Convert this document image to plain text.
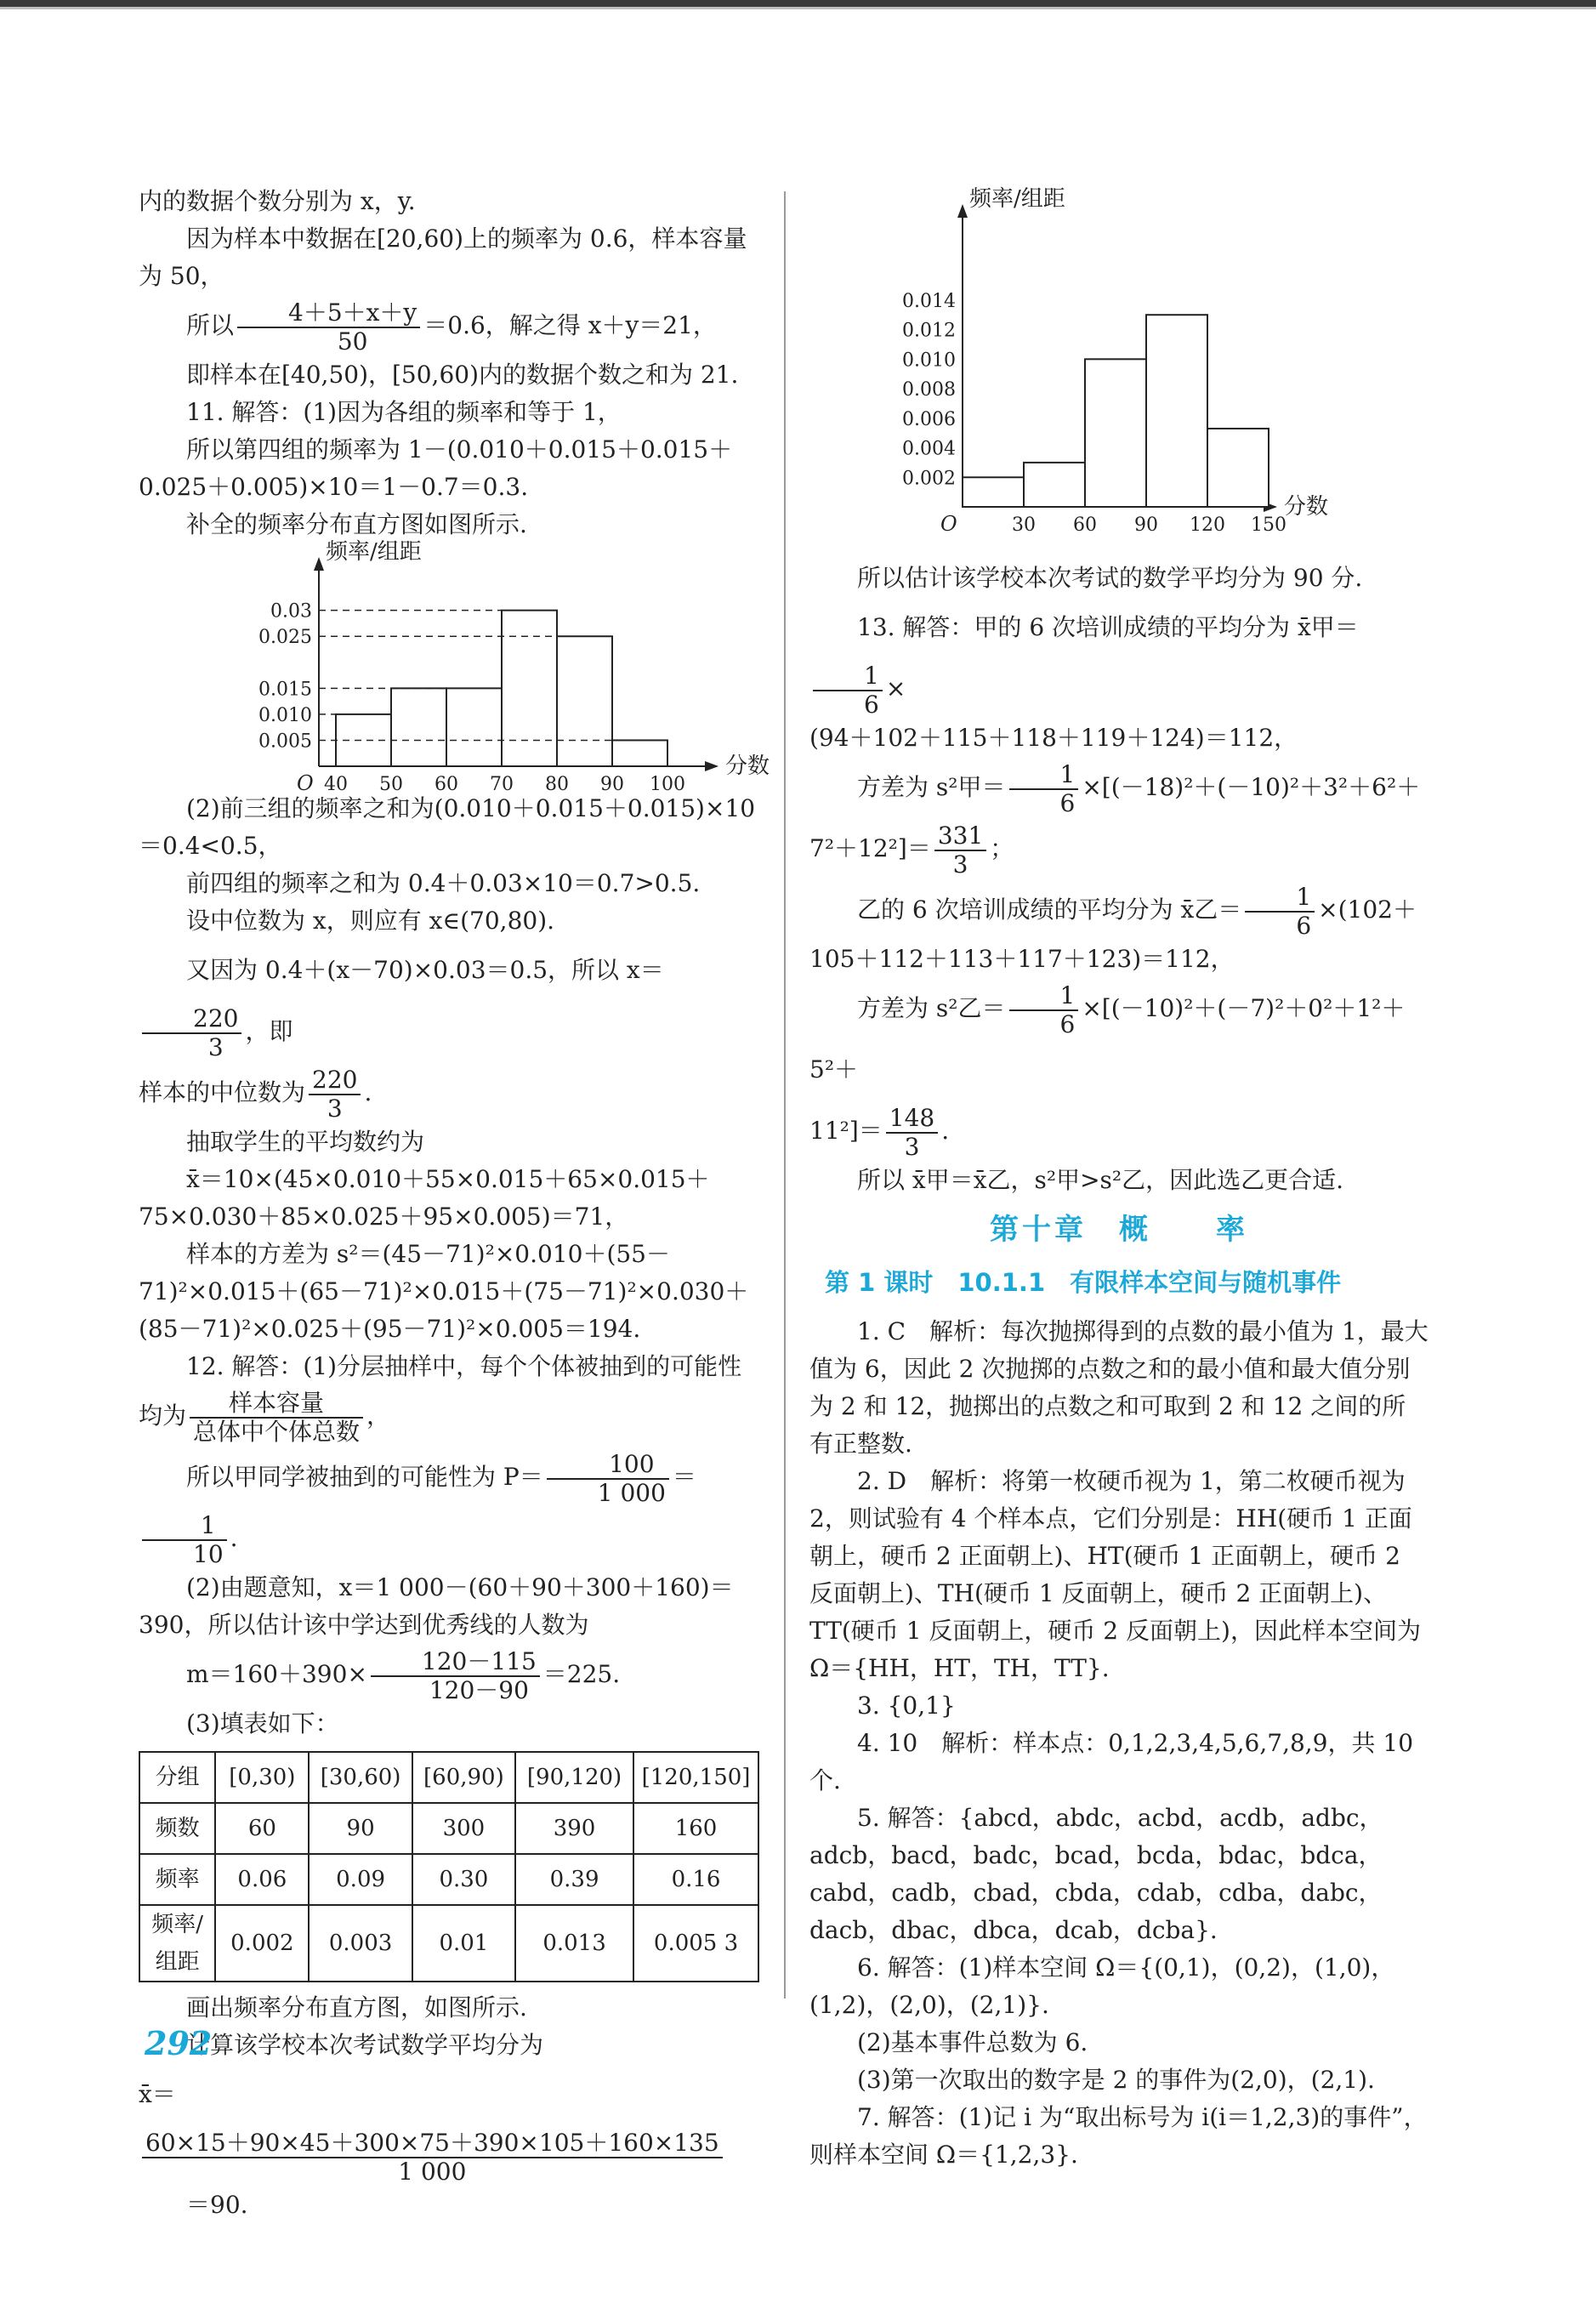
内的数据个数分别为 x，y.

因为样本中数据在[20,60)上的频率为 0.6，样本容量为 50，

所以 $\frac{4+5+x+y}{50} =0.6$，解之得 x＋y＝21，

即样本在[40,50)，[50,60)内的数据个数之和为 21.

11. 解答：(1)因为各组的频率和等于 1，

所以第四组的频率为 1－(0.010＋0.015＋0.015＋0.025＋0.005)×10＝1－0.7＝0.3.

补全的频率分布直方图如图所示.

频率/组距
分数
O
0.03
0.025
0.015
0.010
0.005
40 50 60 70 80 90 100

(2)前三组的频率之和为(0.010＋0.015＋0.015)×10＝0.4<0.5，

前四组的频率之和为 0.4＋0.03×10＝0.7>0.5.

设中位数为 x，则应有 x∈(70,80).

又因为 0.4＋(x－70)×0.03＝0.5，所以 x＝
$\frac{220}{3}$ ，即

样本的中位数为 $\frac{220}{3}$ .

抽取学生的平均数约为

x̄＝10×(45×0.010＋55×0.015＋65×0.015＋75×0.030＋85×0.025＋95×0.005)＝71，

样本的方差为 s²＝(45－71)²×0.010＋(55－71)²×0.015＋(65－71)²×0.015＋(75－71)²×0.030＋(85－71)²×0.025＋(95－71)²×0.005＝194.

12. 解答：(1)分层抽样中，每个个体被抽到的可能性

均为 $\frac{\text{样本容量}}{\text{总体中个体总数}}$ ，

所以甲同学被抽到的可能性为 $P= \frac{100}{1 000}$ ＝
$\frac{1}{10}$ .

(2)由题意知，x＝1 000－(60＋90＋300＋160)＝390，所以估计该中学达到优秀线的人数为

$m=160+390\times \frac{120-115}{120-90} =225$.

(3)填表如下：

分组	[0,30)	[30,60)	[60,90)	[90,120)	[120,150]
频数	60	90	300	390	160
频率	0.06	0.09	0.30	0.39	0.16
频率/组距	0.002	0.003	0.01	0.013	0.005 3

画出频率分布直方图，如图所示.

计算该学校本次考试数学平均分为

x̄＝
$\frac{60\times 15+90\times 45+300\times 75+390\times 105+160\times 135}{1 000}$

＝90.

频率/组距
分数
O
0.014
0.012
0.010
0.008
0.006
0.004
0.002
30 60 90 120 150

所以估计该学校本次考试的数学平均分为 90 分.

13. 解答：甲的 6 次培训成绩的平均分为 x̄甲＝
$\frac{1}{6}$ ×

(94＋102＋115＋118＋119＋124)＝112，

方差为 s²甲＝ $\frac{1}{6} \times[(-18)^2+(-10)^2+3^2+6^2+$

$7^2+12^2]= \frac{331}{3}$ ；

乙的 6 次培训成绩的平均分为 x̄乙＝ $\frac{1}{6} \times(102+$

105＋112＋113＋117＋123)＝112，

方差为 s²乙＝ $\frac{1}{6} \times[(-10)^2+(-7)^2+0^2+1^2+5^2+$

$11^2]= \frac{148}{3}$ .

所以 x̄甲＝x̄乙，s²甲>s²乙，因此选乙更合适.

第十章　概　　率
第 1 课时　10.1.1　有限样本空间与随机事件

1. C　解析：每次抛掷得到的点数的最小值为 1，最大值为 6，因此 2 次抛掷的点数之和的最小值和最大值分别为 2 和 12，抛掷出的点数之和可取到 2 和 12 之间的所有正整数.

2. D　解析：将第一枚硬币视为 1，第二枚硬币视为 2，则试验有 4 个样本点，它们分别是：HH(硬币 1 正面朝上，硬币 2 正面朝上)、HT(硬币 1 正面朝上，硬币 2 反面朝上)、TH(硬币 1 反面朝上，硬币 2 正面朝上)、TT(硬币 1 反面朝上，硬币 2 反面朝上)，因此样本空间为 Ω＝{HH，HT，TH，TT}.

3. {0,1}

4. 10　解析：样本点：0,1,2,3,4,5,6,7,8,9，共 10 个.

5. 解答：{abcd，abdc，acbd，acdb，adbc，adcb，bacd，badc，bcad，bcda，bdac，bdca，cabd，cadb，cbad，cbda，cdab，cdba，dabc，dacb，dbac，dbca，dcab，dcba}.

6. 解答：(1)样本空间 Ω＝{(0,1)，(0,2)，(1,0)，(1,2)，(2,0)，(2,1)}.

(2)基本事件总数为 6.

(3)第一次取出的数字是 2 的事件为(2,0)，(2,1).

7. 解答：(1)记 i 为“取出标号为 i(i＝1,2,3)的事件”，则样本空间 Ω＝{1,2,3}.

292
